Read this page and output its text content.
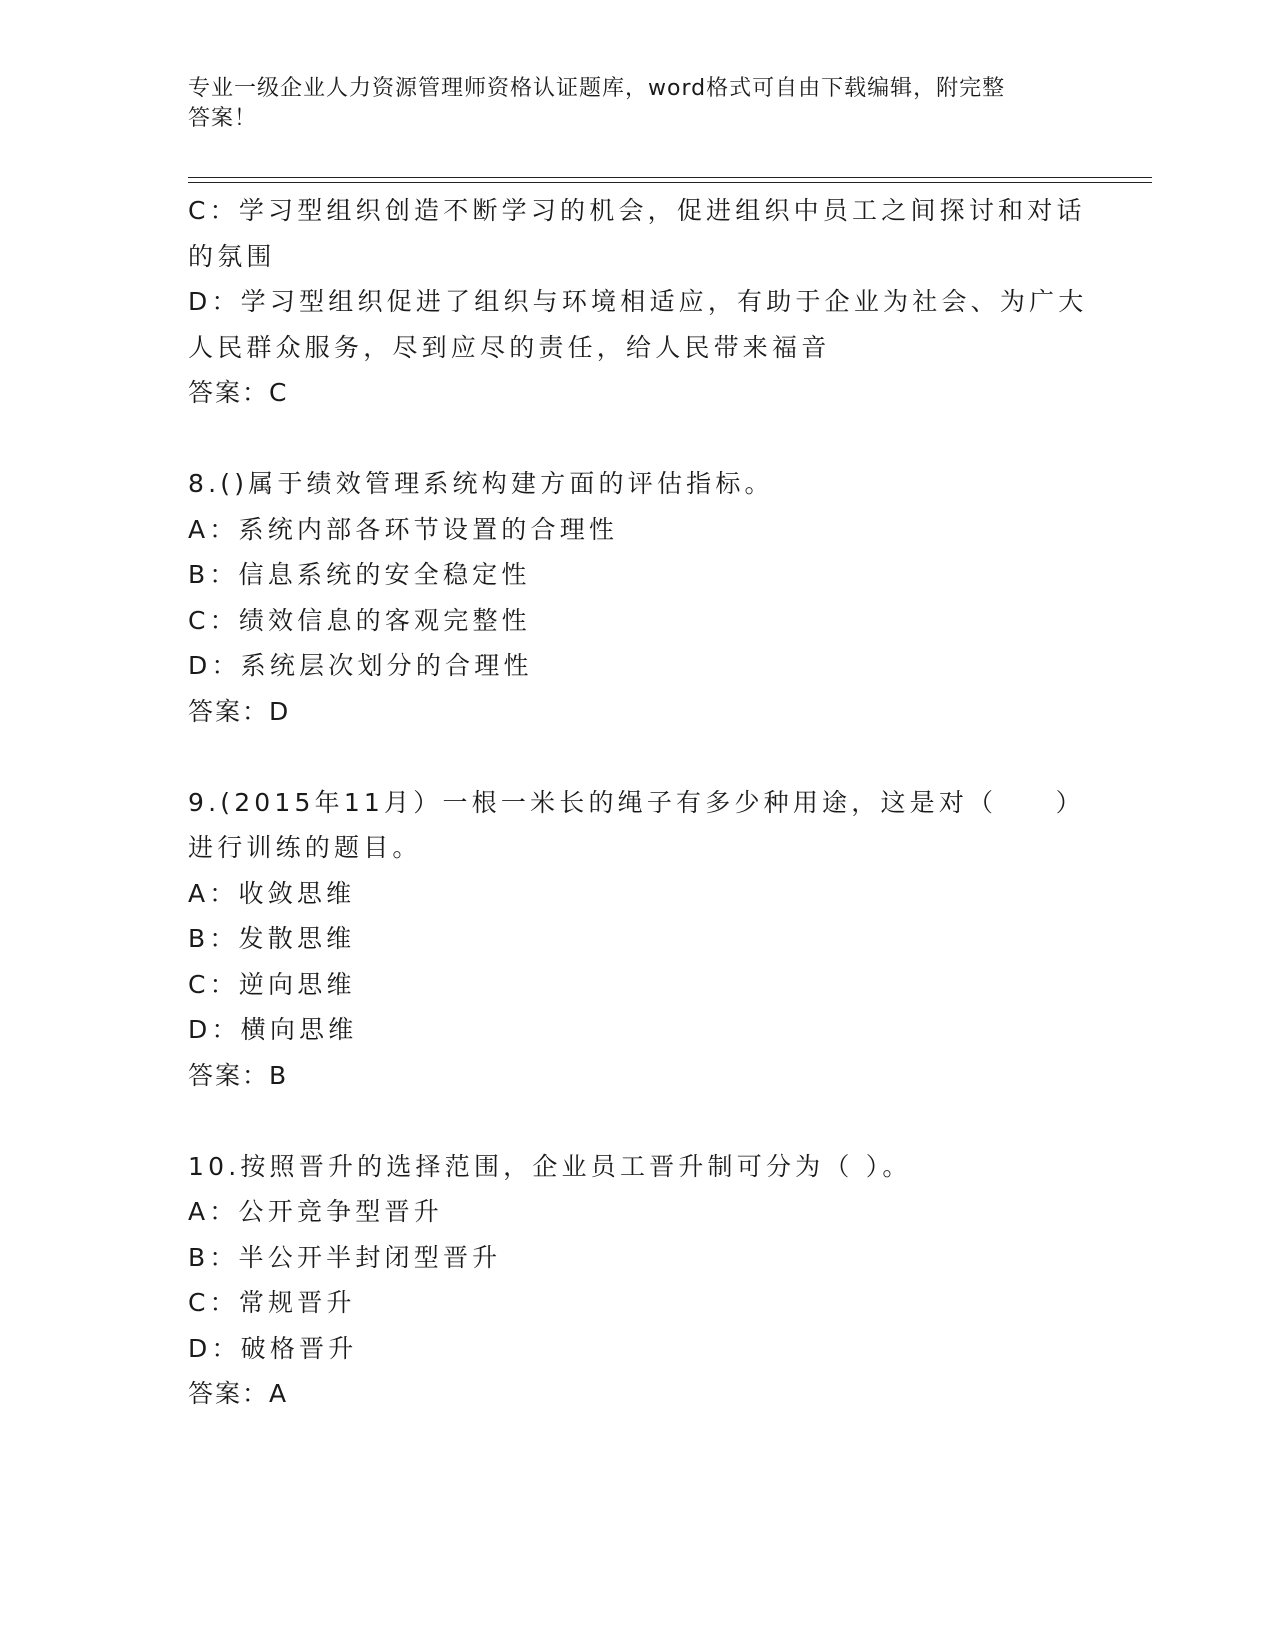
专业一级企业人力资源管理师资格认证题库，word格式可自由下载编辑，附完整
答案！
C：学习型组织创造不断学习的机会，促进组织中员工之间探讨和对话
的氛围
D：学习型组织促进了组织与环境相适应，有助于企业为社会、为广大
人民群众服务，尽到应尽的责任，给人民带来福音
答案：C
8.()属于绩效管理系统构建方面的评估指标。
A：系统内部各环节设置的合理性
B：信息系统的安全稳定性
C：绩效信息的客观完整性
D：系统层次划分的合理性
答案：D
9.(2015年11月）一根一米长的绳子有多少种用途，这是对（　　）
进行训练的题目。
A：收敛思维
B：发散思维
C：逆向思维
D：横向思维
答案：B
10.按照晋升的选择范围，企业员工晋升制可分为（ ）。
A：公开竞争型晋升
B：半公开半封闭型晋升
C：常规晋升
D：破格晋升
答案：A
